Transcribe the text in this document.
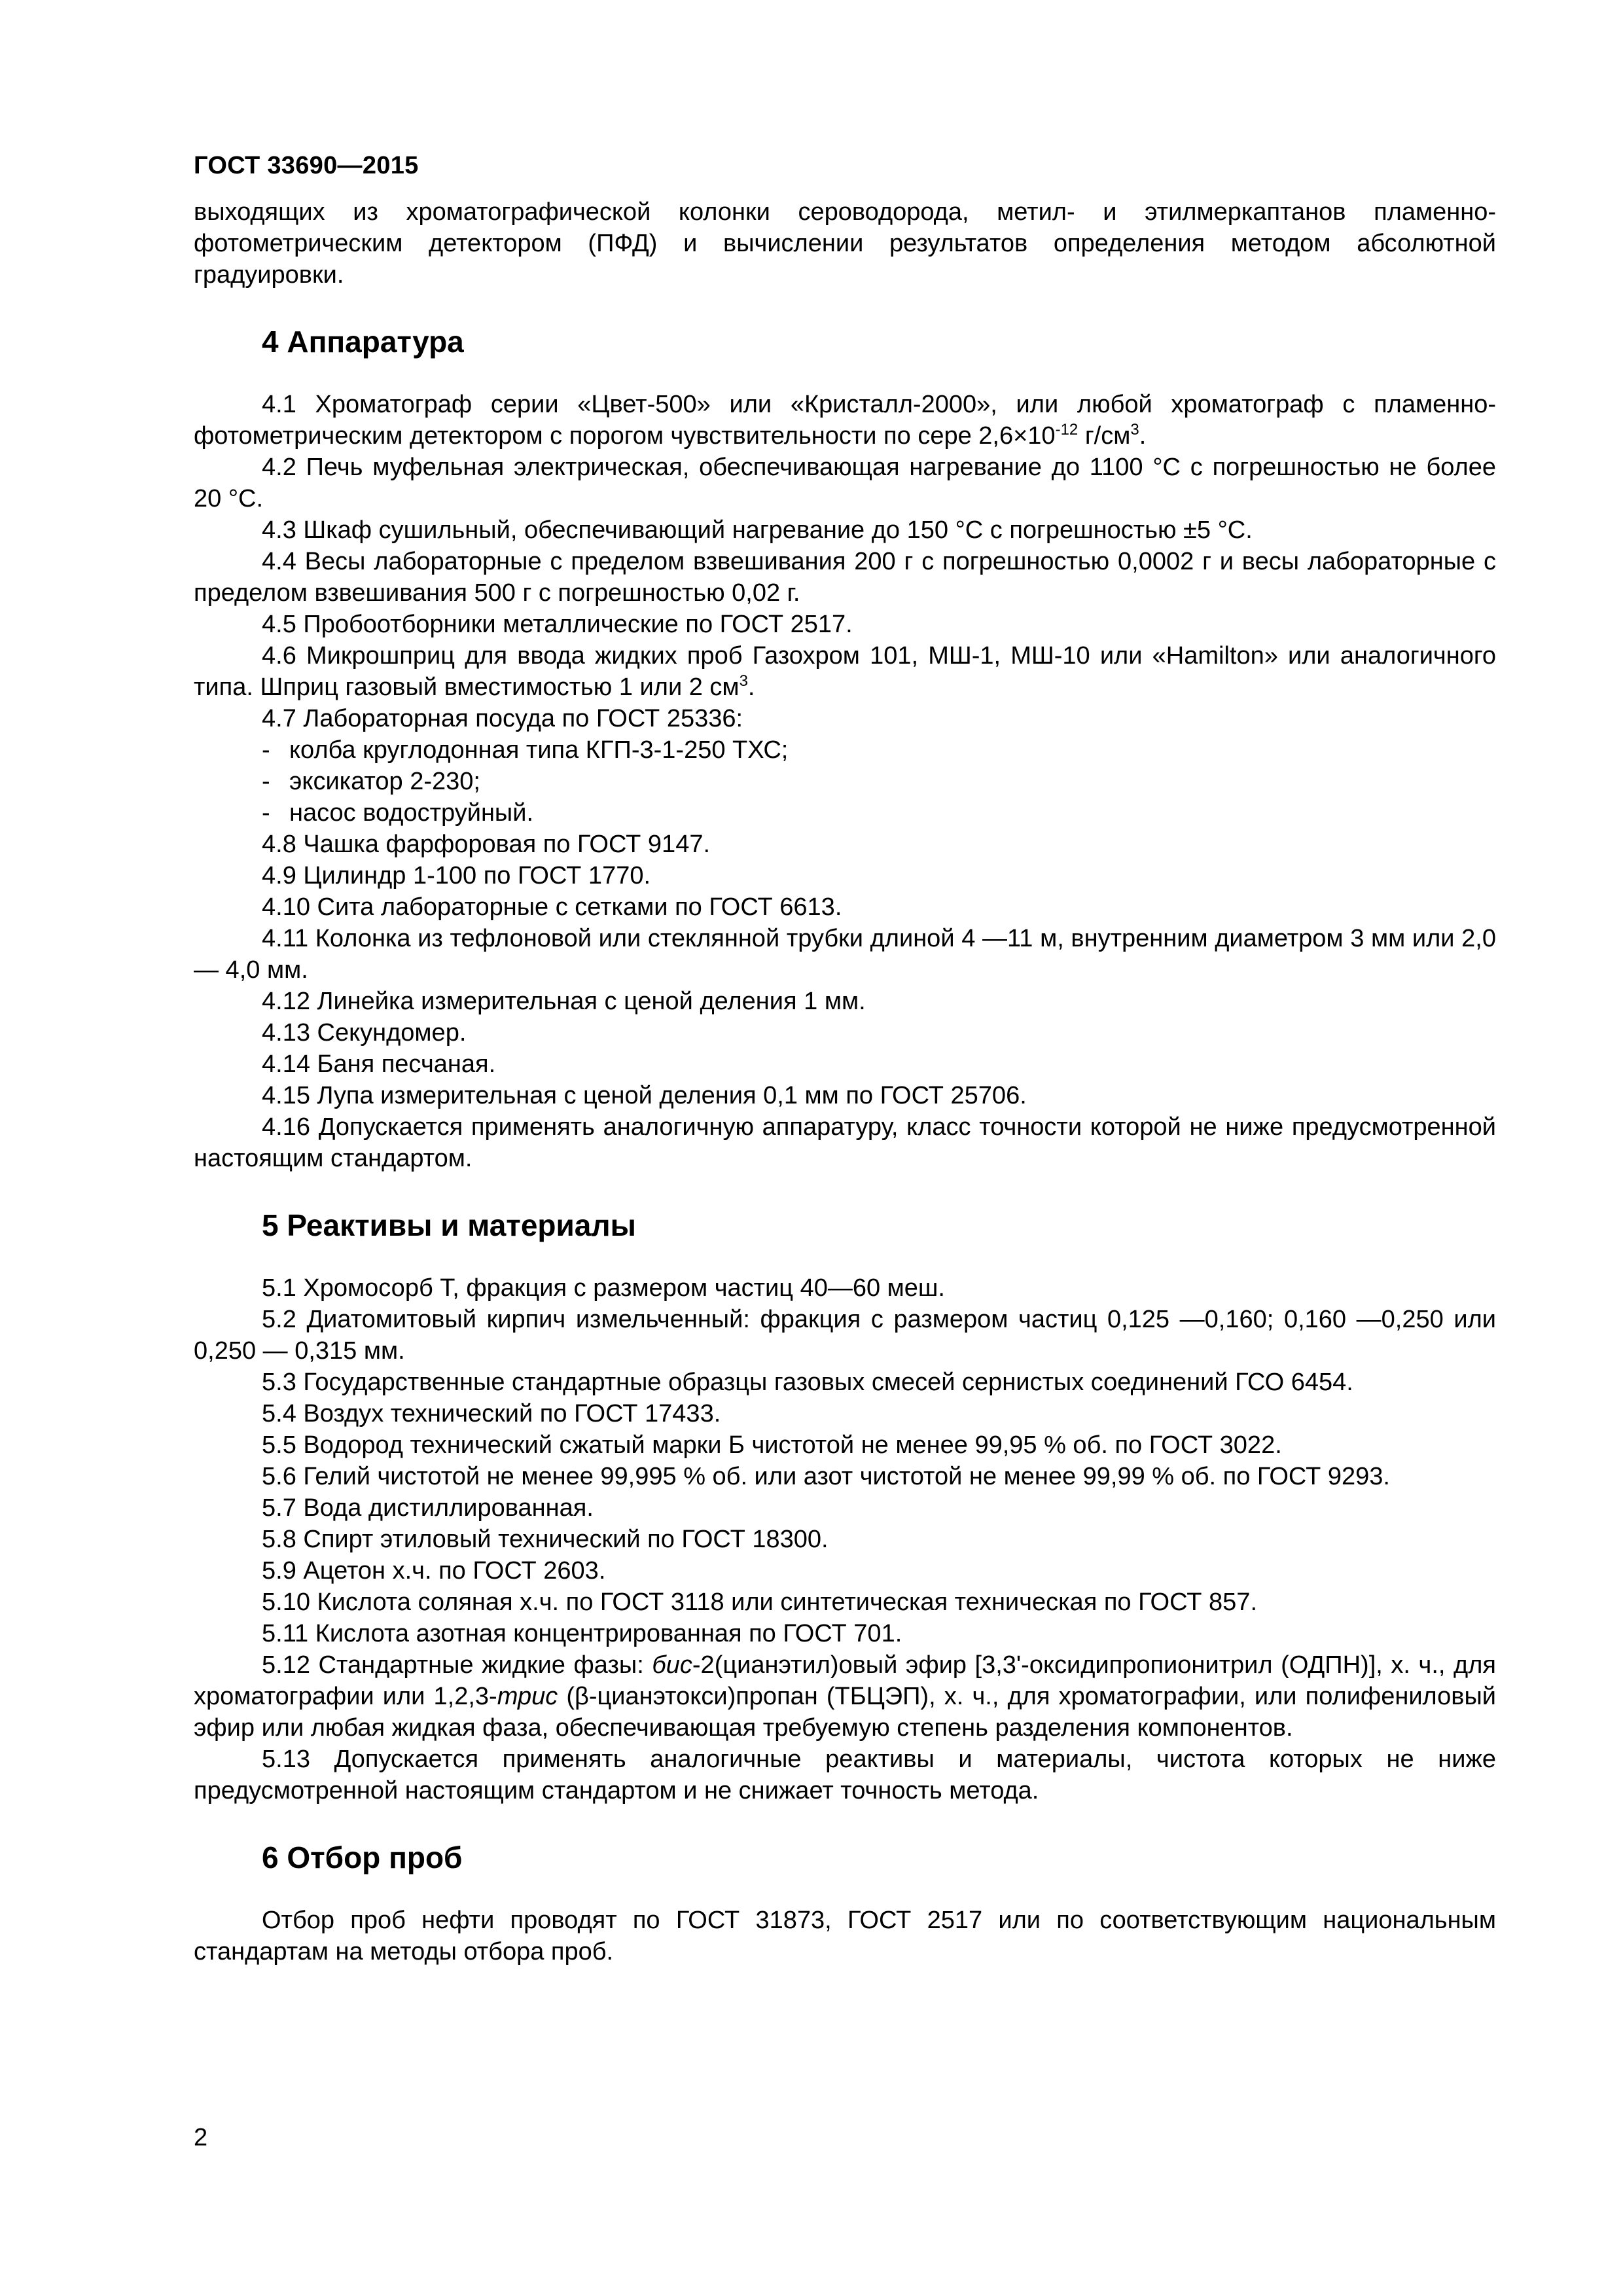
ГОСТ 33690—2015

выходящих из хроматографической колонки сероводорода, метил- и этилмеркаптанов пламенно-фотометрическим детектором (ПФД) и вычислении результатов определения методом абсолютной градуировки.

4 Аппаратура

4.1 Хроматограф серии «Цвет-500» или «Кристалл-2000», или любой хроматограф с пламенно-фотометрическим детектором с порогом чувствительности по сере $2,6\times 10^{-12}$ $г/см^3$.

4.2 Печь муфельная электрическая, обеспечивающая нагревание до 1100 °С с погрешностью не более 20 °С.

4.3 Шкаф сушильный, обеспечивающий нагревание до 150 °С с погрешностью ±5 °С.

4.4 Весы лабораторные с пределом взвешивания 200 г с погрешностью 0,0002 г и весы лабораторные с пределом взвешивания 500 г с погрешностью 0,02 г.

4.5 Пробоотборники металлические по ГОСТ 2517.

4.6 Микрошприц для ввода жидких проб Газохром 101, МШ-1, МШ-10 или «Hamilton» или аналогичного типа. Шприц газовый вместимостью 1 или 2 $см^3$.

4.7 Лабораторная посуда по ГОСТ 25336:

- колба круглодонная типа КГП-3-1-250 ТХС;

- эксикатор 2-230;

- насос водоструйный.

4.8 Чашка фарфоровая по ГОСТ 9147.

4.9 Цилиндр 1-100 по ГОСТ 1770.

4.10 Сита лабораторные с сетками по ГОСТ 6613.

4.11 Колонка из тефлоновой или стеклянной трубки длиной 4 —11 м, внутренним диаметром 3 мм или 2,0 — 4,0 мм.

4.12 Линейка измерительная с ценой деления 1 мм.

4.13 Секундомер.

4.14 Баня песчаная.

4.15 Лупа измерительная с ценой деления 0,1 мм по ГОСТ 25706.

4.16 Допускается применять аналогичную аппаратуру, класс точности которой не ниже предусмотренной настоящим стандартом.

5 Реактивы и материалы

5.1 Хромосорб Т, фракция с размером частиц 40—60 меш.

5.2 Диатомитовый кирпич измельченный: фракция с размером частиц 0,125 —0,160; 0,160 —0,250 или 0,250 — 0,315 мм.

5.3 Государственные стандартные образцы газовых смесей сернистых соединений ГСО 6454.

5.4 Воздух технический по ГОСТ 17433.

5.5 Водород технический сжатый марки Б чистотой не менее 99,95 % об. по ГОСТ 3022.

5.6 Гелий чистотой не менее 99,995 % об. или азот чистотой не менее 99,99 % об. по ГОСТ 9293.

5.7 Вода дистиллированная.

5.8 Спирт этиловый технический по ГОСТ 18300.

5.9 Ацетон х.ч. по ГОСТ 2603.

5.10 Кислота соляная х.ч. по ГОСТ 3118 или синтетическая техническая по ГОСТ 857.

5.11 Кислота азотная концентрированная по ГОСТ 701.

5.12 Стандартные жидкие фазы: бис-2(цианэтил)овый эфир [3,3'-оксидипропионитрил (ОДПН)], х. ч., для хроматографии или 1,2,3-трис (β-цианэтокси)пропан (ТБЦЭП), х. ч., для хроматографии, или полифениловый эфир или любая жидкая фаза, обеспечивающая требуемую степень разделения компонентов.

5.13 Допускается применять аналогичные реактивы и материалы, чистота которых не ниже предусмотренной настоящим стандартом и не снижает точность метода.

6 Отбор проб

Отбор проб нефти проводят по ГОСТ 31873, ГОСТ 2517 или по соответствующим национальным стандартам на методы отбора проб.

2
